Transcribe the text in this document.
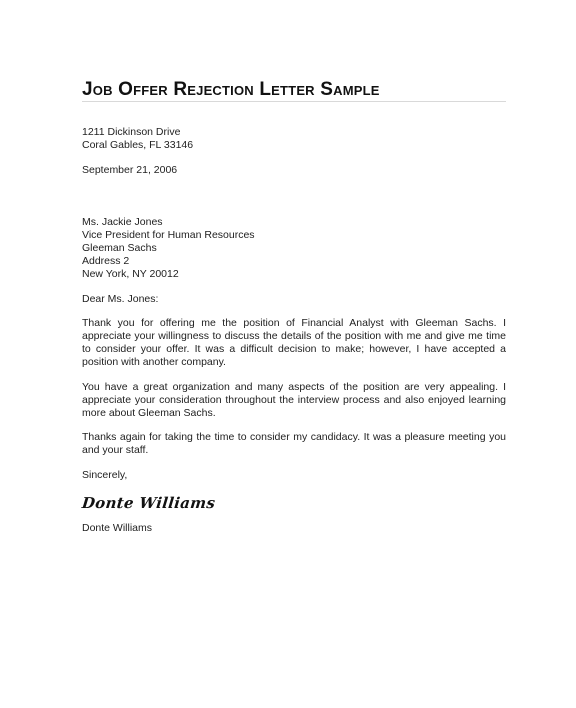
Job Offer Rejection Letter Sample
1211 Dickinson Drive
Coral Gables, FL 33146
September 21, 2006
Ms. Jackie Jones
Vice President for Human Resources
Gleeman Sachs
Address 2
New York, NY 20012
Dear Ms. Jones:

Thank you for offering me the position of Financial Analyst with Gleeman Sachs. I appreciate your willingness to discuss the details of the position with me and give me time to consider your offer. It was a difficult decision to make; however, I have accepted a position with another company.

You have a great organization and many aspects of the position are very appealing. I appreciate your consideration throughout the interview process and also enjoyed learning more about Gleeman Sachs.

Thanks again for taking the time to consider my candidacy. It was a pleasure meeting you and your staff.

Sincerely,
Donte Williams
Donte Williams
